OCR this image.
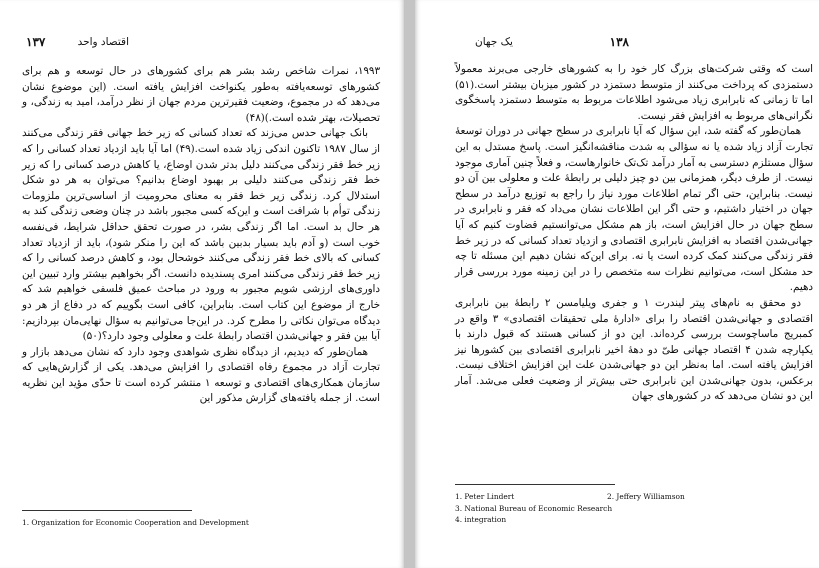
۱۳۷	اقتصاد واحد

۱۹۹۳، نمرات شاخص رشد بشر هم برای کشورهای در حال توسعه و هم برای کشورهای توسعه‌یافته به‌طور یکنواخت افزایش یافته است. (این موضوع نشان می‌دهد که در مجموع، وضعیت فقیرترین مردم جهان از نظر درآمد، امید به زندگی، و تحصیلات، بهتر شده است.)(۴۸)

بانک جهانی حدس می‌زند که تعداد کسانی که زیر خط جهانی فقر زندگی می‌کنند از سال ۱۹۸۷ تاکنون اندکی زیاد شده است.(۴۹) اما آیا باید ازدیاد تعداد کسانی را که زیر خط فقر زندگی می‌کنند دلیل بدتر شدن اوضاع، یا کاهش درصد کسانی را که زیر خط فقر زندگی می‌کنند دلیلی بر بهبود اوضاع بدانیم؟ می‌توان به هر دو شکل استدلال کرد. زندگی زیر خط فقر به معنای محرومیت از اساسی‌ترین ملزومات زندگی توأم با شرافت است و این‌که کسی مجبور باشد در چنان وضعی زندگی کند به هر حال بد است. اما اگر زندگی بشر، در صورت تحقق حداقل شرایط، فی‌نفسه خوب است (و آدم باید بسیار بدبین باشد که این را منکر شود)، باید از ازدیاد تعداد کسانی که بالای خط فقر زندگی می‌کنند خوشحال بود، و کاهش درصد کسانی را که زیر خط فقر زندگی می‌کنند امری پسندیده دانست. اگر بخواهیم بیشتر وارد تبیین این داوری‌های ارزشی شویم مجبور به ورود در مباحث عمیق فلسفی خواهیم شد که خارج از موضوع این کتاب است. بنابراین، کافی است بگوییم که در دفاع از هر دو دیدگاه می‌توان نکاتی را مطرح کرد. در این‌جا می‌توانیم به سؤال نهایی‌مان بپردازیم: آیا بین فقر و جهانی‌شدن اقتصاد رابطهٔ علت و معلولی وجود دارد؟(۵۰)

همان‌طور که دیدیم، از دیدگاه نظری شواهدی وجود دارد که نشان می‌دهد بازار و تجارت آزاد در مجموع رفاه اقتصادی را افزایش می‌دهد. یکی از گزارش‌هایی که سازمان همکاری‌های اقتصادی و توسعه ۱ منتشر کرده است تا حدّی مؤید این نظریه است. از جمله یافته‌های گزارش مذکور این

1. Organization for Economic Cooperation and Development
یک جهان	۱۳۸

است که وقتی شرکت‌های بزرگ کار خود را به کشورهای خارجی می‌برند معمولاً دستمزدی که پرداخت می‌کنند از متوسط دستمزد در کشور میزبان بیشتر است.(۵۱) اما تا زمانی که نابرابری زیاد می‌شود اطلاعات مربوط به متوسط دستمزد پاسخگوی نگرانی‌های مربوط به افزایش فقر نیست.

همان‌طور که گفته شد، این سؤال که آیا نابرابری در سطح جهانی در دوران توسعهٔ تجارت آزاد زیاد شده یا نه سؤالی به‌ شدت مناقشه‌انگیز است. پاسخ مستدل به این سؤال مستلزم دسترسی به آمار درآمد تک‌تک خانوارهاست، و فعلاً چنین آماری موجود نیست. از طرف دیگر، همزمانی بین دو چیز دلیلی بر رابطهٔ علت و معلولی بین آن دو نیست. بنابراین، حتی اگر تمام اطلاعات مورد نیاز را راجع به توزیع درآمد در سطح جهان در اختیار داشتیم، و حتی اگر این اطلاعات نشان می‌داد که فقر و نابرابری در سطح جهان در حال افزایش است، باز هم مشکل می‌توانستیم قضاوت کنیم که آیا جهانی‌شدن اقتصاد به افزایش نابرابری اقتصادی و ازدیاد تعداد کسانی که در زیر خط فقر زندگی می‌کنند کمک کرده است یا نه. برای این‌که نشان دهیم این مسئله تا چه حد مشکل است، می‌توانیم نظرات سه متخصص را در این زمینه مورد بررسی قرار دهیم.

دو محقق به نام‌های پیتر لیندرت ۱ و جفری ویلیامسن ۲ رابطهٔ بین نابرابری اقتصادی و جهانی‌شدن اقتصاد را برای «ادارهٔ ملی تحقیقات اقتصادی» ۳ واقع در کمبریج ماساچوست بررسی کرده‌اند. این دو از کسانی هستند که قبول دارند با یکپارچه شدن ۴ اقتصاد جهانی طیّ دو دههٔ اخیر نابرابری اقتصادی بین کشورها نیز افزایش یافته است. اما به‌نظر این دو جهانی‌شدن علت این افزایش اختلاف نیست. برعکس، بدون جهانی‌شدن این نابرابری حتی بیش‌تر از وضعیت فعلی می‌شد. آمار این دو نشان می‌دهد که در کشورهای جهان

1. Peter Lindert	2. Jeffery Williamson
3. National Bureau of Economic Research
4. integration
